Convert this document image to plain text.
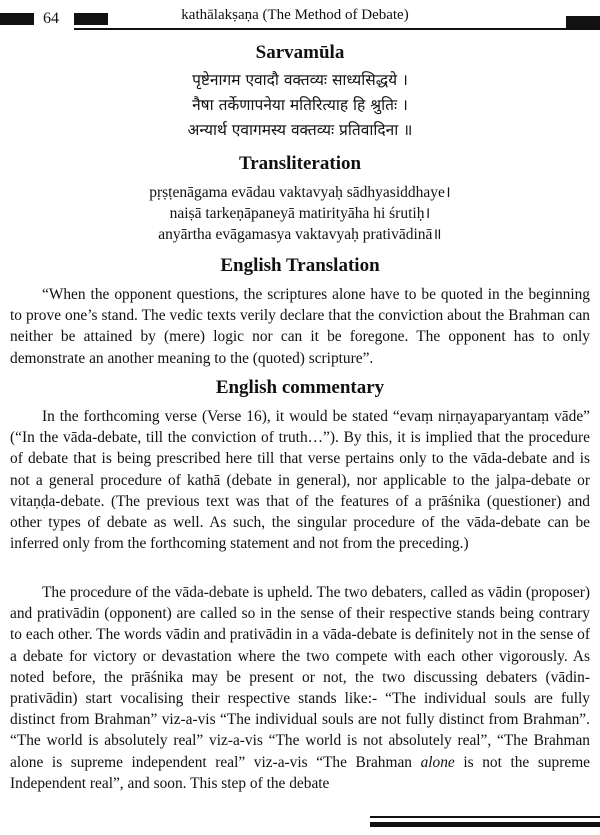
64	kathālakṣaṇa (The Method of Debate)
Sarvamūla
पृष्टेनागम एवादौ वक्तव्यः साध्यसिद्धये ।
नैषा तर्केणापनेया मतिरित्याह हि श्रुतिः ।
अन्यार्थ एवागमस्य वक्तव्यः प्रतिवादिना ॥
Transliteration
pṛṣṭenāgama evādau vaktavyaḥ sādhyasiddhaye।
naiṣā tarkeṇāpaneyā matirityāha hi śrutiḥ।
anyārtha evāgamasya vaktavyaḥ prativādinā॥
English Translation

“When the opponent questions, the scriptures alone have to be quoted in the beginning to prove one’s stand. The vedic texts verily declare that the conviction about the Brahman can neither be attained by (mere) logic nor can it be foregone. The opponent has to only demonstrate an another meaning to the (quoted) scripture”.

English commentary

In the forthcoming verse (Verse 16), it would be stated “evaṃ nirṇayaparyantaṃ vāde” (“In the vāda-debate, till the conviction of truth…”). By this, it is implied that the procedure of debate that is being prescribed here till that verse pertains only to the vāda-debate and is not a general procedure of kathā (debate in general), nor applicable to the jalpa-debate or vitaṇḍa-debate. (The previous text was that of the features of a prāśnika (questioner) and other types of debate as well. As such, the singular procedure of the vāda-debate can be inferred only from the forthcoming statement and not from the preceding.)

The procedure of the vāda-debate is upheld. The two debaters, called as vādin (proposer) and prativādin (opponent) are called so in the sense of their respective stands being contrary to each other. The words vādin and prativādin in a vāda-debate is definitely not in the sense of a debate for victory or devastation where the two compete with each other vigorously. As noted before, the prāśnika may be present or not, the two discussing debaters (vādin-prativādin) start vocalising their respective stands like:- “The individual souls are fully distinct from Brahman” viz-a-vis “The individual souls are not fully distinct from Brahman”. “The world is absolutely real” viz-a-vis “The world is not absolutely real”, “The Brahman alone is supreme independent real” viz-a-vis “The Brahman alone is not the supreme Independent real”, and soon. This step of the debate
